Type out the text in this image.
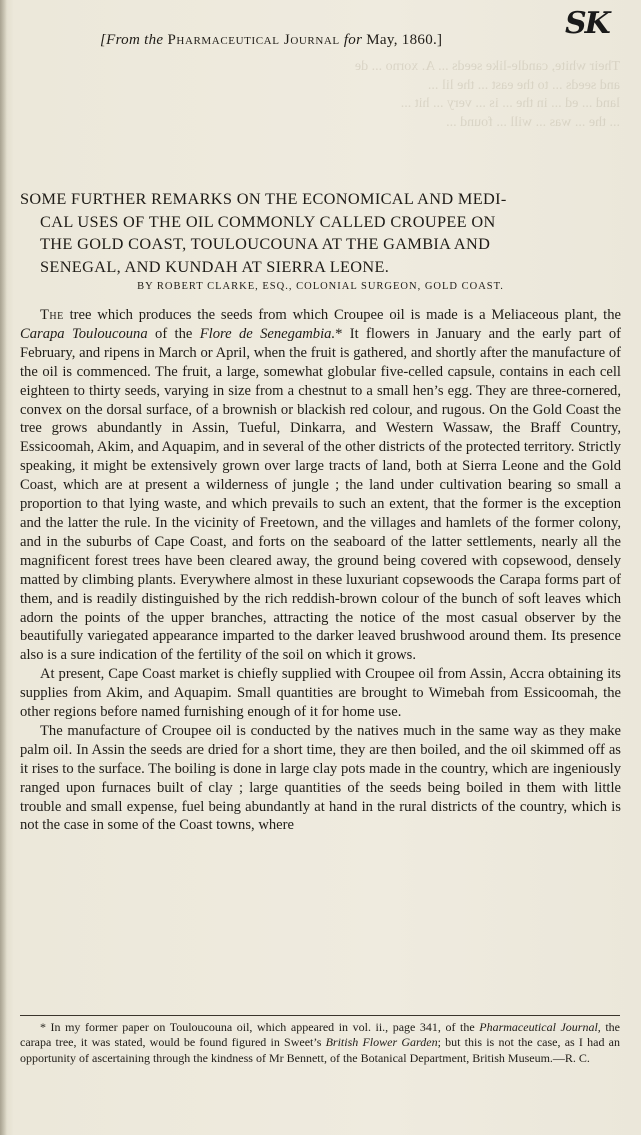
SK
[From the Pharmaceutical Journal for May, 1860.]
Their white, candle-like seeds ... A. xorno ... de
and seeds ... to the east ... the lil ...
land ... ed ... in the ... is ... very ... hit ...
... the ... was ... will ... found ...
SOME FURTHER REMARKS ON THE ECONOMICAL AND MEDI-

CAL USES OF THE OIL COMMONLY CALLED CROUPEE ON
THE GOLD COAST, TOULOUCOUNA AT THE GAMBIA AND
SENEGAL, AND KUNDAH AT SIERRA LEONE.
BY ROBERT CLARKE, ESQ., COLONIAL SURGEON, GOLD COAST.

The tree which produces the seeds from which Croupee oil is made is a Meliaceous plant, the Carapa Touloucouna of the Flore de Senegambia.* It flowers in January and the early part of February, and ripens in March or April, when the fruit is gathered, and shortly after the manufacture of the oil is commenced. The fruit, a large, somewhat globular five-celled capsule, contains in each cell eighteen to thirty seeds, varying in size from a chestnut to a small hen’s egg. They are three-cornered, convex on the dorsal surface, of a brownish or blackish red colour, and rugous. On the Gold Coast the tree grows abundantly in Assin, Tueful, Dinkarra, and Western Wassaw, the Braff Country, Essicoomah, Akim, and Aquapim, and in several of the other districts of the protected territory. Strictly speaking, it might be extensively grown over large tracts of land, both at Sierra Leone and the Gold Coast, which are at present a wilderness of jungle ; the land under cultivation bearing so small a proportion to that lying waste, and which prevails to such an extent, that the former is the exception and the latter the rule. In the vicinity of Freetown, and the villages and hamlets of the former colony, and in the suburbs of Cape Coast, and forts on the seaboard of the latter settlements, nearly all the magnificent forest trees have been cleared away, the ground being covered with copsewood, densely matted by climbing plants. Everywhere almost in these luxuriant copsewoods the Carapa forms part of them, and is readily distinguished by the rich reddish-brown colour of the bunch of soft leaves which adorn the points of the upper branches, attracting the notice of the most casual observer by the beautifully variegated appearance imparted to the darker leaved brushwood around them. Its presence also is a sure indication of the fertility of the soil on which it grows.

At present, Cape Coast market is chiefly supplied with Croupee oil from Assin, Accra obtaining its supplies from Akim, and Aquapim. Small quantities are brought to Wimebah from Essicoomah, the other regions before named furnishing enough of it for home use.

The manufacture of Croupee oil is conducted by the natives much in the same way as they make palm oil. In Assin the seeds are dried for a short time, they are then boiled, and the oil skimmed off as it rises to the surface. The boiling is done in large clay pots made in the country, which are ingeniously ranged upon furnaces built of clay ; large quantities of the seeds being boiled in them with little trouble and small expense, fuel being abundantly at hand in the rural districts of the country, which is not the case in some of the Coast towns, where

* In my former paper on Touloucouna oil, which appeared in vol. ii., page 341, of the Pharmaceutical Journal, the carapa tree, it was stated, would be found figured in Sweet’s British Flower Garden; but this is not the case, as I had an opportunity of ascertaining through the kindness of Mr Bennett, of the Botanical Department, British Museum.—R. C.
